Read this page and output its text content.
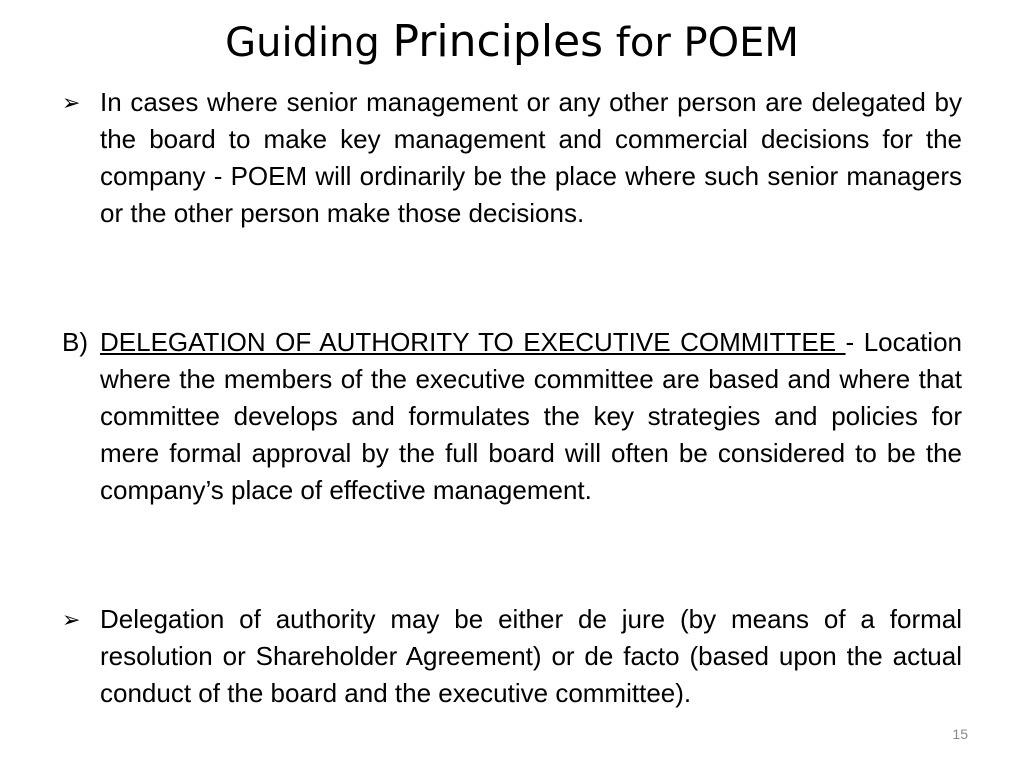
Guiding Principles for POEM
➢ In cases where senior management or any other person are delegated by the board to make key management and commercial decisions for the company - POEM will ordinarily be the place where such senior managers or the other person make those decisions.
B) DELEGATION OF AUTHORITY TO EXECUTIVE COMMITTEE - Location where the members of the executive committee are based and where that committee develops and formulates the key strategies and policies for mere formal approval by the full board will often be considered to be the company’s place of effective management.
➢ Delegation of authority may be either de jure (by means of a formal resolution or Shareholder Agreement) or de facto (based upon the actual conduct of the board and the executive committee).
15
